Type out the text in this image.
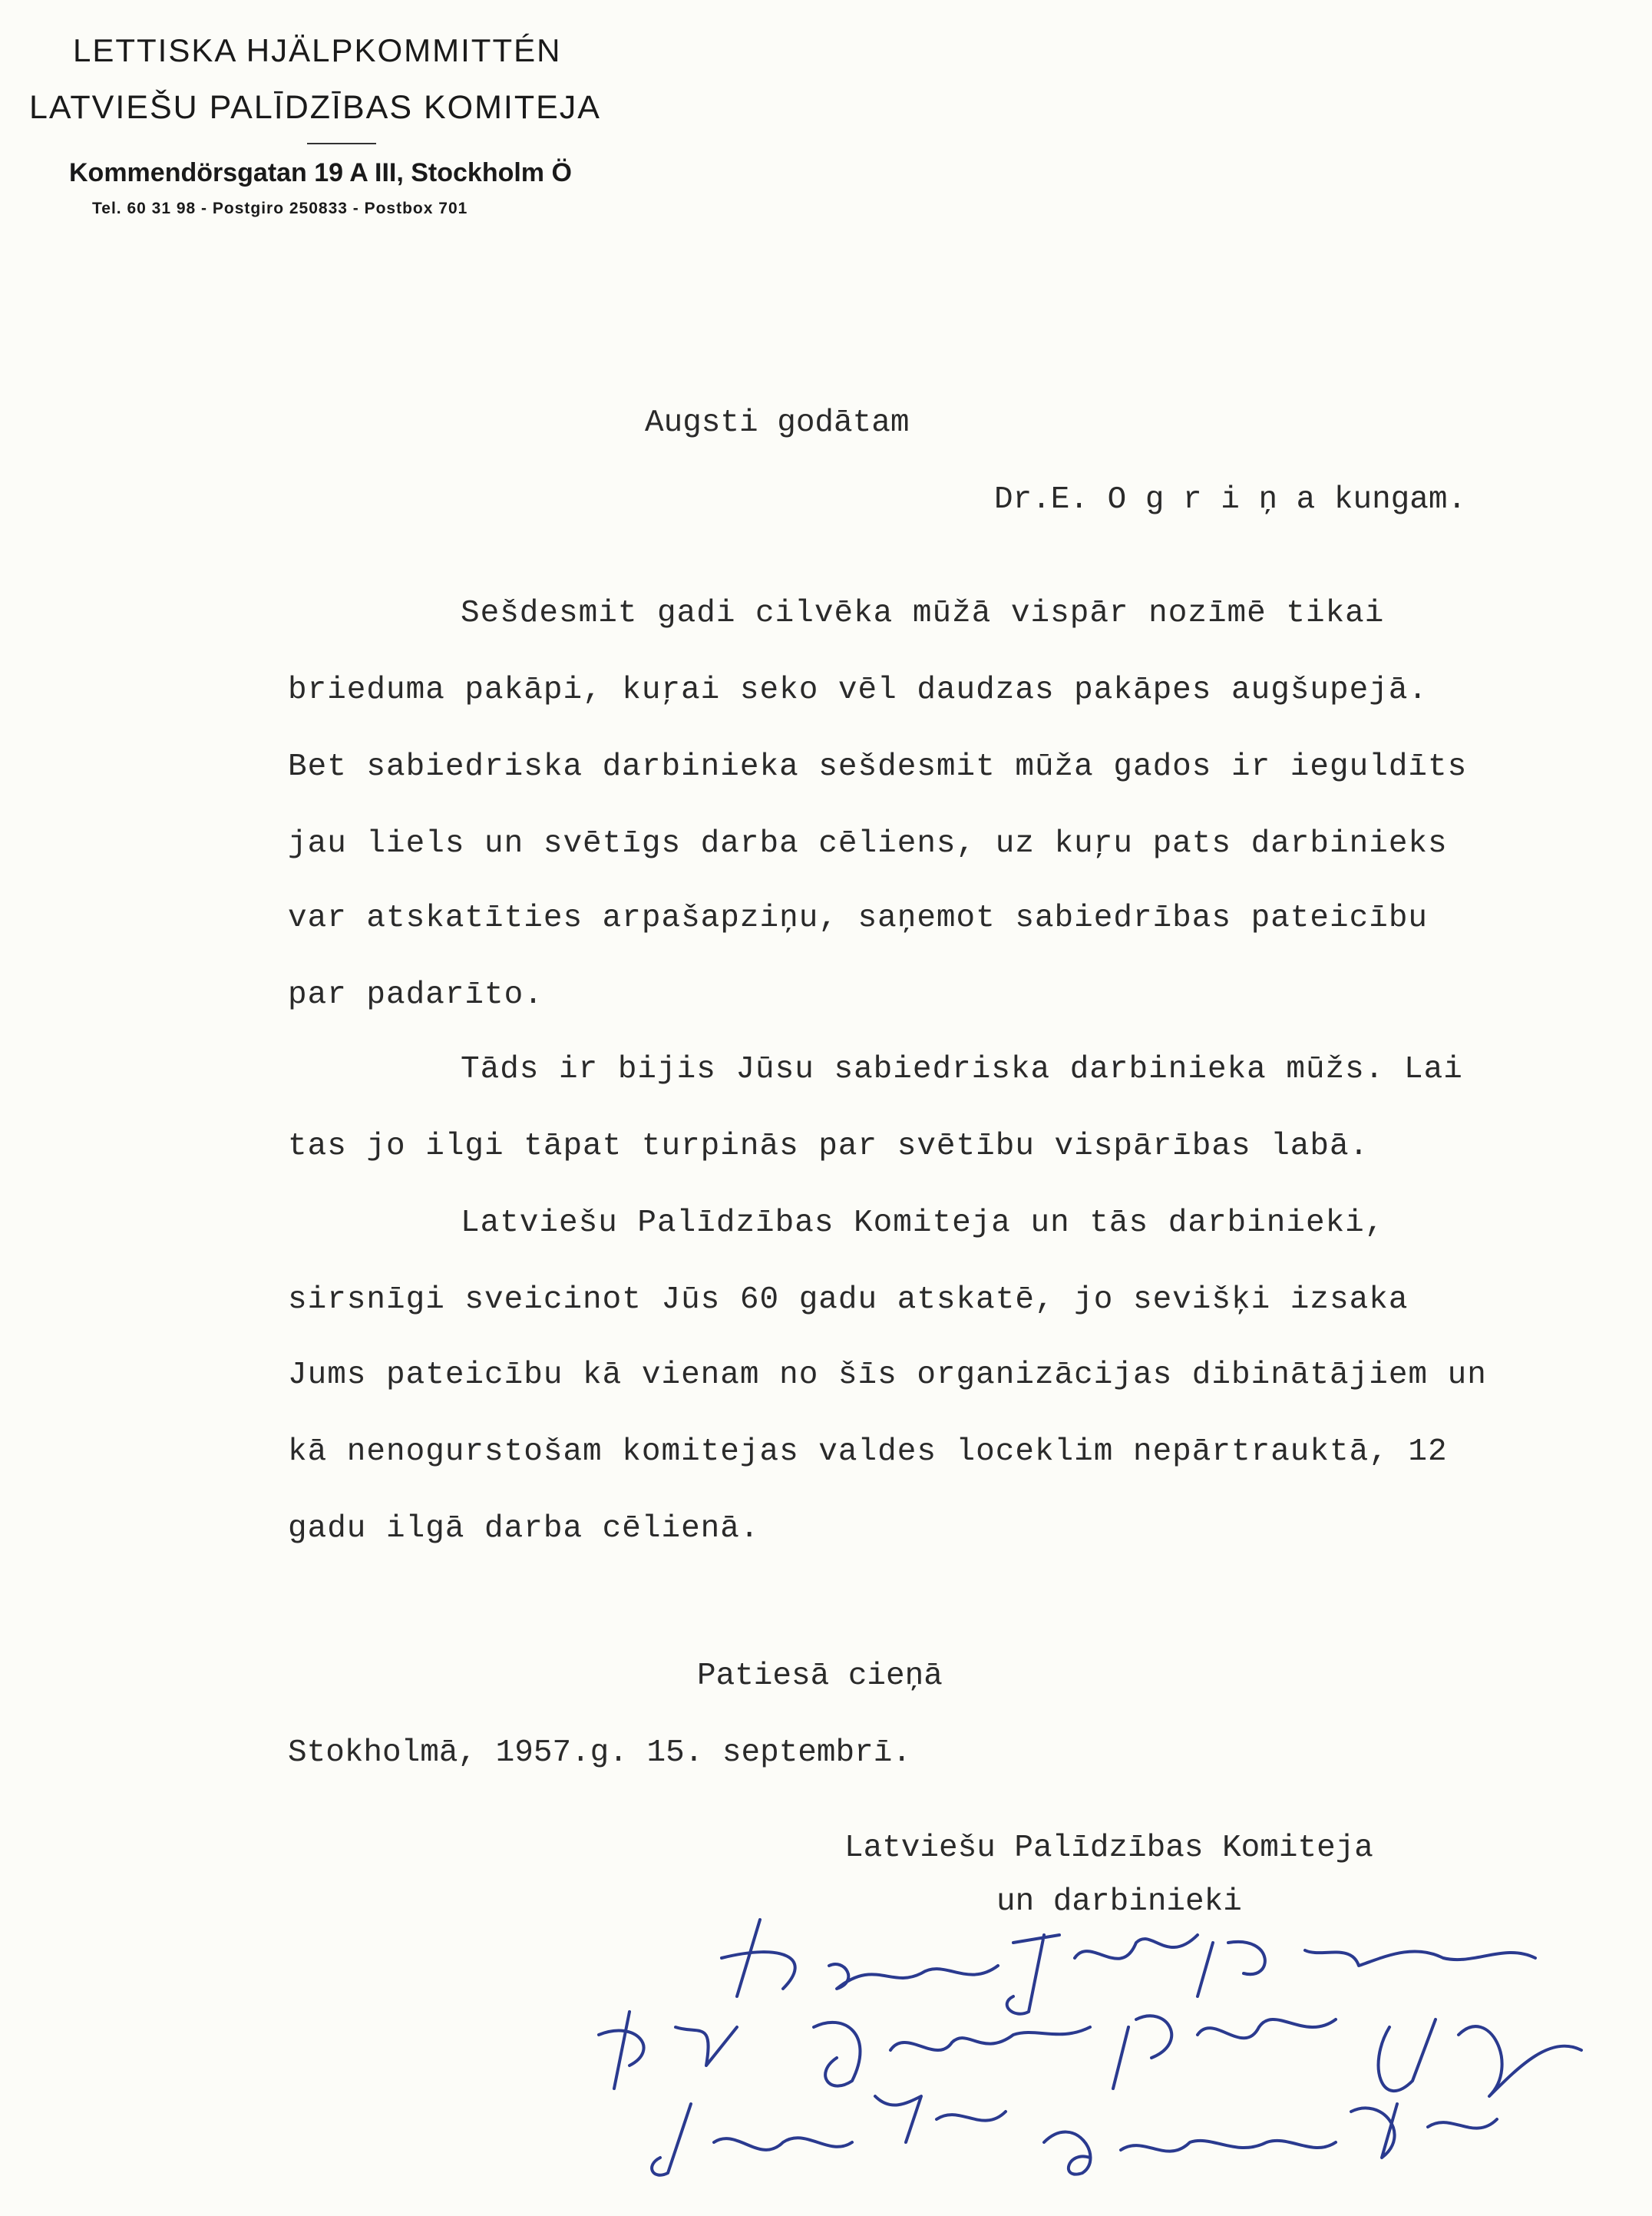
LETTISKA HJÄLPKOMMITTÉN
LATVIEŠU PALĪDZĪBAS KOMITEJA
Kommendörsgatan 19 A III, Stockholm Ö
Tel. 60 31 98 - Postgiro 250833 - Postbox 701
Augsti godātam
Dr.E. O g r i ņ a kungam.
Sešdesmit gadi cilvēka mūžā vispār nozīmē tikai
brieduma pakāpi, kuŗai seko vēl daudzas pakāpes augšupejā.
Bet sabiedriska darbinieka sešdesmit mūža gados ir ieguldīts
jau liels un svētīgs darba cēliens, uz kuŗu pats darbinieks
var atskatīties arpašapziņu, saņemot sabiedrības pateicību
par padarīto.
Tāds ir bijis Jūsu sabiedriska darbinieka mūžs. Lai
tas jo ilgi tāpat turpinās par svētību vispārības labā.
Latviešu Palīdzības Komiteja un tās darbinieki,
sirsnīgi sveicinot Jūs 60 gadu atskatē, jo sevišķi izsaka
Jums pateicību kā vienam no šīs organizācijas dibinātājiem un
kā nenogurstošam komitejas valdes loceklim nepārtrauktā, 12
gadu ilgā darba cēlienā.
Patiesā cieņā
Stokholmā, 1957.g. 15. septembrī.
Latviešu Palīdzības Komiteja
un darbinieki
